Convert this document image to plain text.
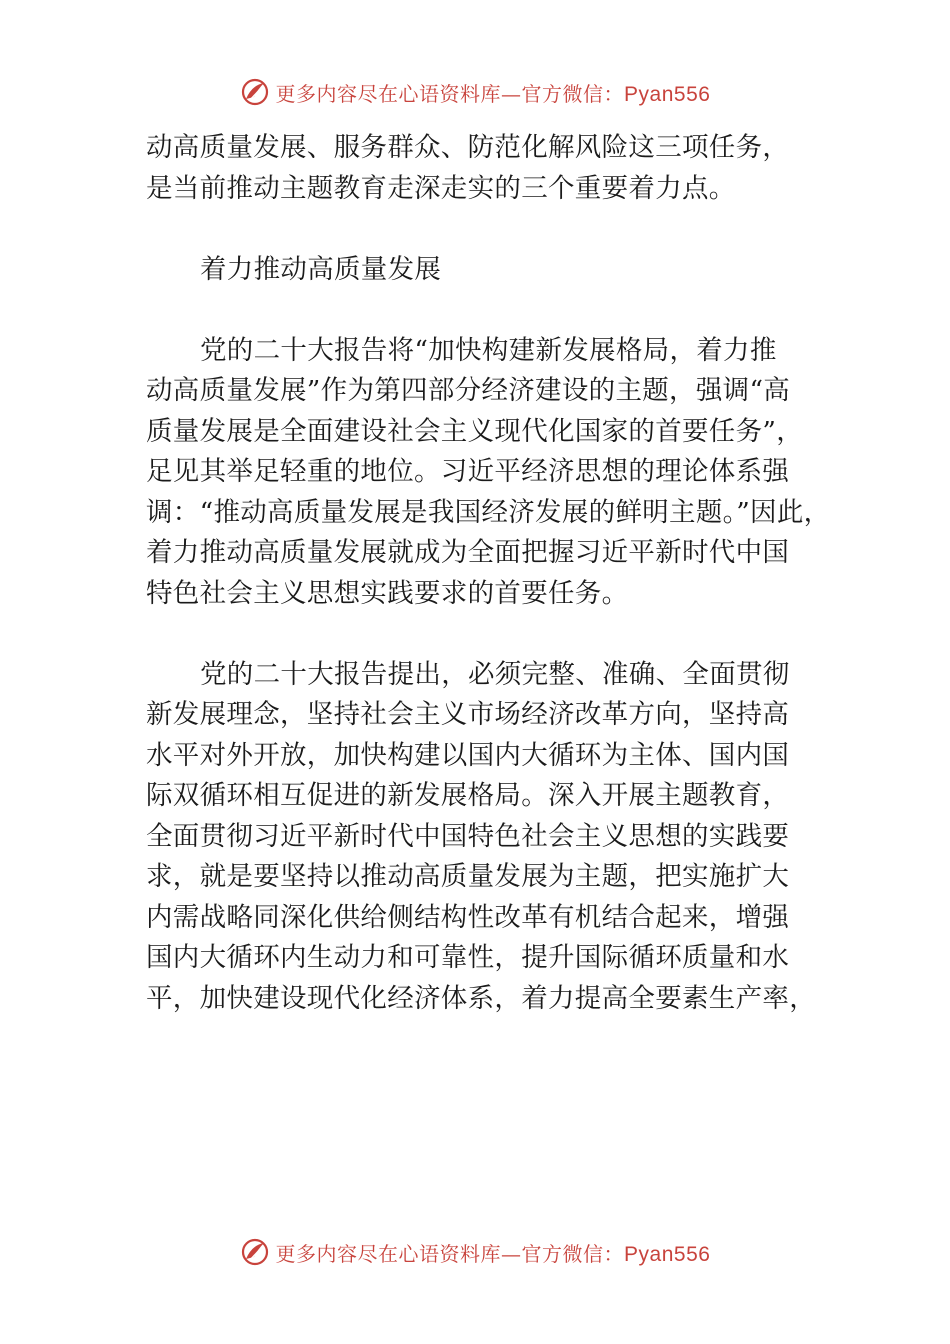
更多内容尽在心语资料库—官方微信：Pyan556
动高质量发展、服务群众、防范化解风险这三项任务，
是当前推动主题教育走深走实的三个重要着力点。
着力推动高质量发展
党的二十大报告将“加快构建新发展格局，着力推
动高质量发展”作为第四部分经济建设的主题，强调“高
质量发展是全面建设社会主义现代化国家的首要任务”，
足见其举足轻重的地位。习近平经济思想的理论体系强
调：“推动高质量发展是我国经济发展的鲜明主题。”因此，
着力推动高质量发展就成为全面把握习近平新时代中国
特色社会主义思想实践要求的首要任务。
党的二十大报告提出，必须完整、准确、全面贯彻
新发展理念，坚持社会主义市场经济改革方向，坚持高
水平对外开放，加快构建以国内大循环为主体、国内国
际双循环相互促进的新发展格局。深入开展主题教育，
全面贯彻习近平新时代中国特色社会主义思想的实践要
求，就是要坚持以推动高质量发展为主题，把实施扩大
内需战略同深化供给侧结构性改革有机结合起来，增强
国内大循环内生动力和可靠性，提升国际循环质量和水
平，加快建设现代化经济体系，着力提高全要素生产率，
更多内容尽在心语资料库—官方微信：Pyan556
